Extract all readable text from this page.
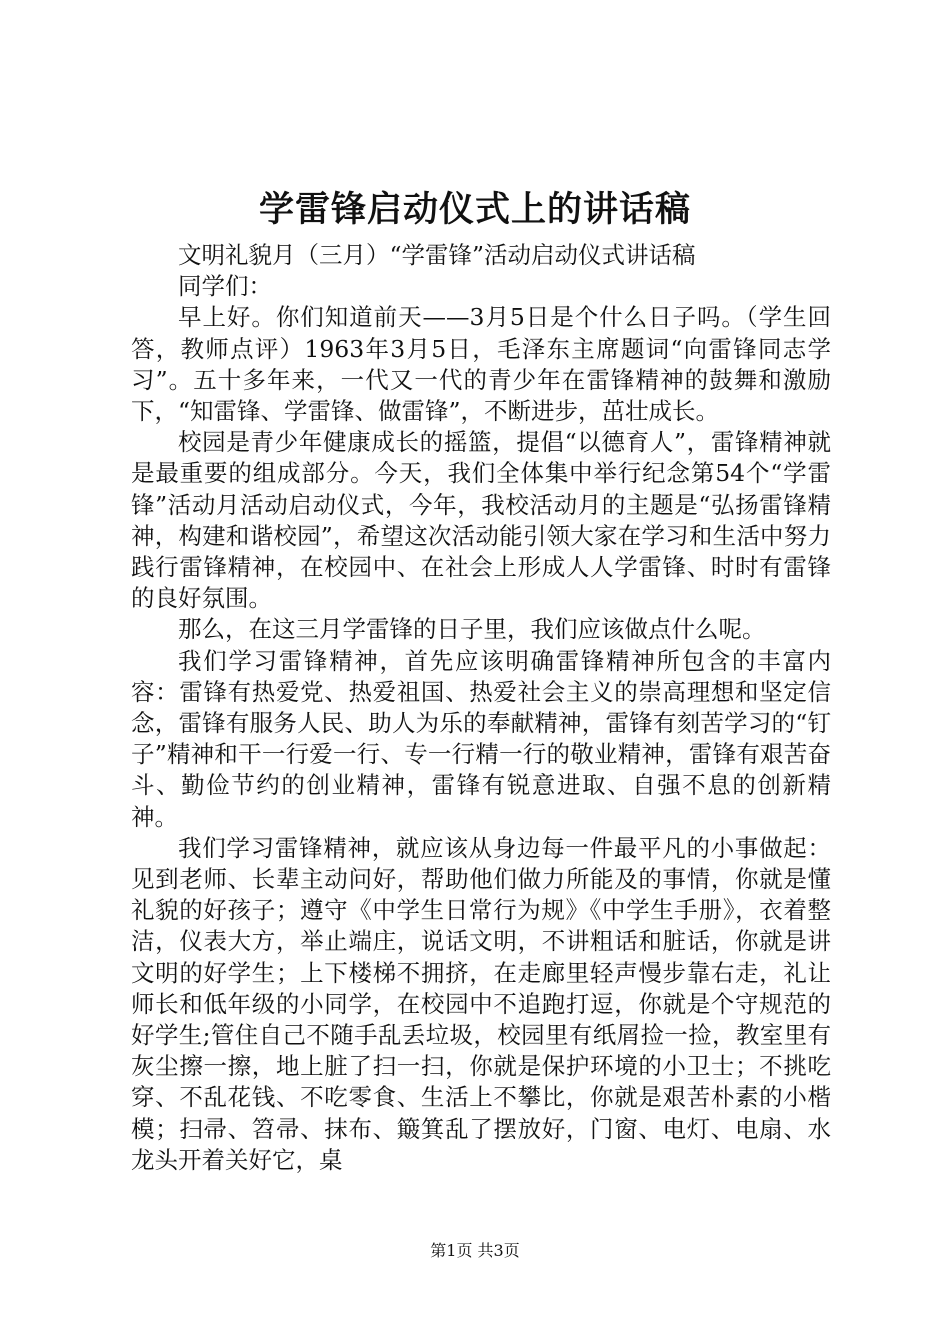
学雷锋启动仪式上的讲话稿

文明礼貌月（三月）“学雷锋”活动启动仪式讲话稿

同学们：

早上好。你们知道前天——3月5日是个什么日子吗。（学生回答，教师点评）1963年3月5日，毛泽东主席题词“向雷锋同志学习”。五十多年来，一代又一代的青少年在雷锋精神的鼓舞和激励下，“知雷锋、学雷锋、做雷锋”，不断进步，茁壮成长。

校园是青少年健康成长的摇篮，提倡“以德育人”，雷锋精神就是最重要的组成部分。今天，我们全体集中举行纪念第54个“学雷锋”活动月活动启动仪式，今年，我校活动月的主题是“弘扬雷锋精神，构建和谐校园”，希望这次活动能引领大家在学习和生活中努力践行雷锋精神，在校园中、在社会上形成人人学雷锋、时时有雷锋的良好氛围。

那么，在这三月学雷锋的日子里，我们应该做点什么呢。

我们学习雷锋精神，首先应该明确雷锋精神所包含的丰富内容：雷锋有热爱党、热爱祖国、热爱社会主义的崇高理想和坚定信念，雷锋有服务人民、助人为乐的奉献精神，雷锋有刻苦学习的“钉子”精神和干一行爱一行、专一行精一行的敬业精神，雷锋有艰苦奋斗、勤俭节约的创业精神，雷锋有锐意进取、自强不息的创新精神。

我们学习雷锋精神，就应该从身边每一件最平凡的小事做起：见到老师、长辈主动问好，帮助他们做力所能及的事情，你就是懂礼貌的好孩子；遵守《中学生日常行为规》《中学生手册》，衣着整洁，仪表大方，举止端庄，说话文明，不讲粗话和脏话，你就是讲文明的好学生；上下楼梯不拥挤，在走廊里轻声慢步靠右走，礼让师长和低年级的小同学，在校园中不追跑打逗，你就是个守规范的好学生;管住自己不随手乱丢垃圾，校园里有纸屑捡一捡，教室里有灰尘擦一擦，地上脏了扫一扫，你就是保护环境的小卫士；不挑吃穿、不乱花钱、不吃零食、生活上不攀比，你就是艰苦朴素的小楷模；扫帚、笤帚、抹布、簸箕乱了摆放好，门窗、电灯、电扇、水龙头开着关好它，桌

第1页 共3页
